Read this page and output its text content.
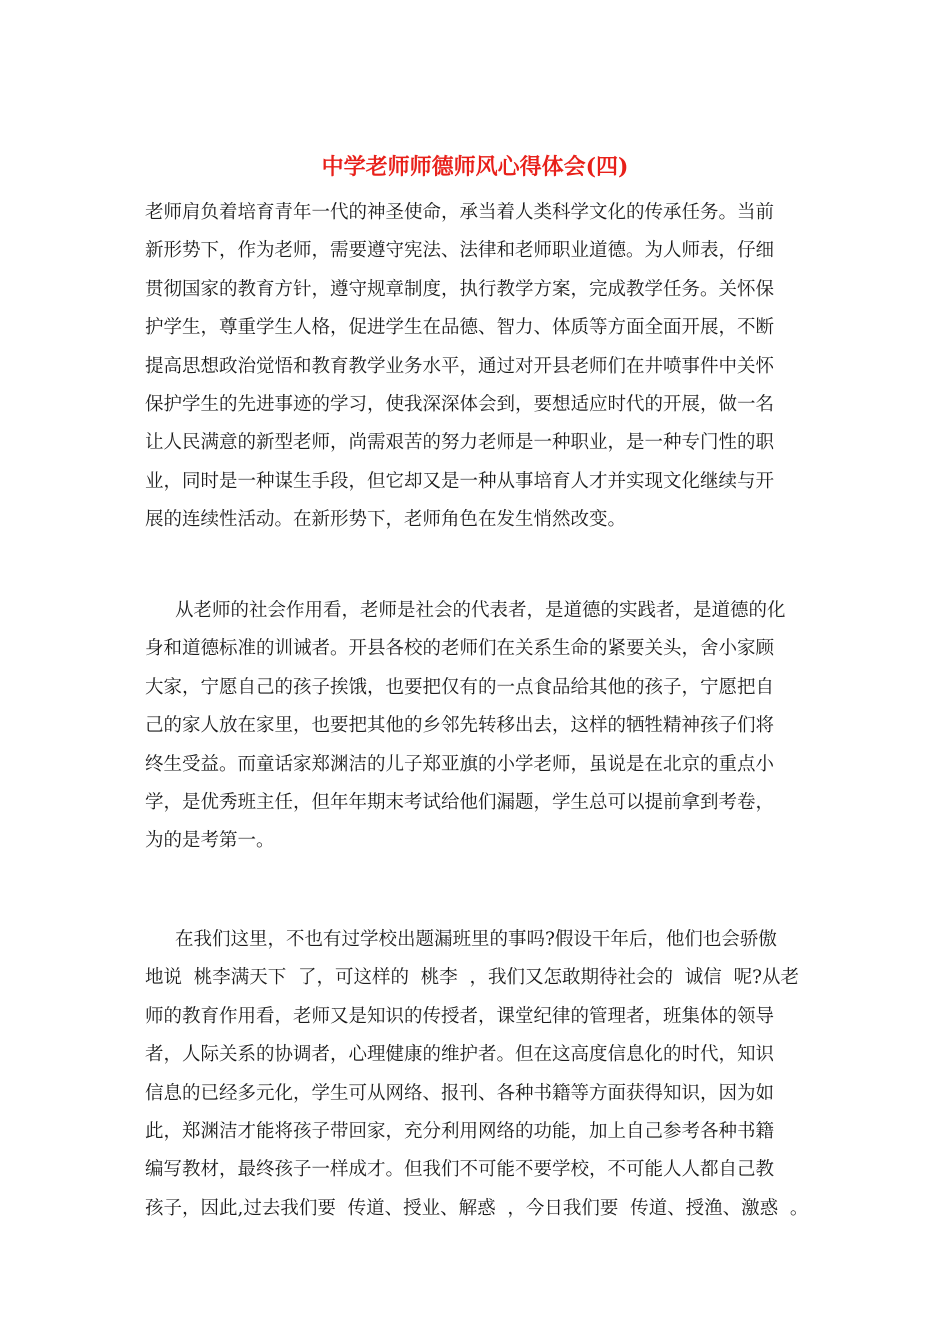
中学老师师德师风心得体会(四)
老师肩负着培育青年一代的神圣使命，承当着人类科学文化的传承任务。当前
新形势下，作为老师，需要遵守宪法、法律和老师职业道德。为人师表，仔细
贯彻国家的教育方针，遵守规章制度，执行教学方案，完成教学任务。关怀保
护学生，尊重学生人格，促进学生在品德、智力、体质等方面全面开展，不断
提高思想政治觉悟和教育教学业务水平，通过对开县老师们在井喷事件中关怀
保护学生的先进事迹的学习，使我深深体会到，要想适应时代的开展，做一名
让人民满意的新型老师，尚需艰苦的努力老师是一种职业，是一种专门性的职
业，同时是一种谋生手段，但它却又是一种从事培育人才并实现文化继续与开
展的连续性活动。在新形势下，老师角色在发生悄然改变。
从老师的社会作用看，老师是社会的代表者，是道德的实践者，是道德的化
身和道德标准的训诫者。开县各校的老师们在关系生命的紧要关头，舍小家顾
大家，宁愿自己的孩子挨饿，也要把仅有的一点食品给其他的孩子，宁愿把自
己的家人放在家里，也要把其他的乡邻先转移出去，这样的牺牲精神孩子们将
终生受益。而童话家郑渊洁的儿子郑亚旗的小学老师，虽说是在北京的重点小
学，是优秀班主任，但年年期末考试给他们漏题，学生总可以提前拿到考卷，
为的是考第一。
在我们这里，不也有过学校出题漏班里的事吗?假设干年后，他们也会骄傲
地说  桃李满天下  了，可这样的  桃李  ，我们又怎敢期待社会的  诚信  呢?从老
师的教育作用看，老师又是知识的传授者，课堂纪律的管理者，班集体的领导
者，人际关系的协调者，心理健康的维护者。但在这高度信息化的时代，知识
信息的已经多元化，学生可从网络、报刊、各种书籍等方面获得知识，因为如
此，郑渊洁才能将孩子带回家，充分利用网络的功能，加上自己参考各种书籍
编写教材，最终孩子一样成才。但我们不可能不要学校，不可能人人都自己教
孩子，因此,过去我们要  传道、授业、解惑  ，今日我们要  传道、授渔、激惑  。
